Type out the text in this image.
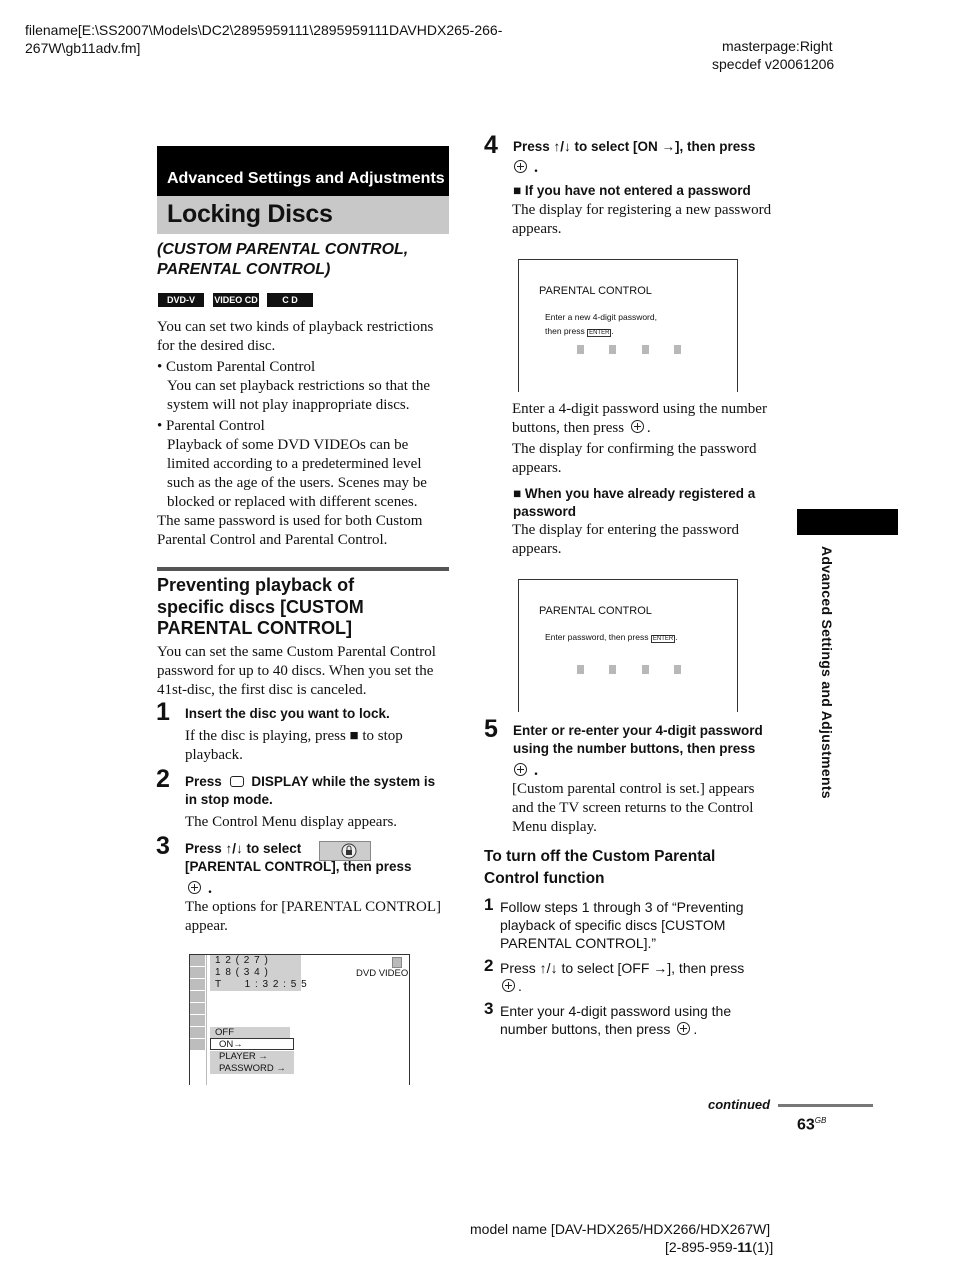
filename[E:\SS2007\Models\DC2\2895959111\2895959111DAVHDX265-266-
267W\gb11adv.fm]	masterpage:Right
specdef v20061206
Advanced Settings and Adjustments
Locking Discs
(CUSTOM PARENTAL CONTROL,
PARENTAL CONTROL)
DVD-V	VIDEO CD	C D
You can set two kinds of playback restrictions
for the desired disc.
• Custom Parental Control
You can set playback restrictions so that the
system will not play inappropriate discs.
• Parental Control
Playback of some DVD VIDEOs can be
limited according to a predetermined level
such as the age of the users. Scenes may be
blocked or replaced with different scenes.
The same password is used for both Custom
Parental Control and Parental Control.
Preventing playback of
specific discs [CUSTOM
PARENTAL CONTROL]
You can set the same Custom Parental Control
password for up to 40 discs. When you set the
41st-disc, the first disc is canceled.
1 Insert the disc you want to lock.
If the disc is playing, press ■ to stop
playback.
2 Press DISPLAY while the system is
in stop mode.
The Control Menu display appears.
3 Press ↑/↓ to select
[PARENTAL CONTROL], then press
.
The options for [PARENTAL CONTROL]
appear.
1 2 ( 2 7 )
1 8 ( 3 4 )
T      1 : 3 2 : 5 5
DVD VIDEO
OFF
ON→
PLAYER →
PASSWORD →
4 Press ↑/↓ to select [ON →], then press
.
■ If you have not entered a password
The display for registering a new password
appears.
PARENTAL CONTROL
Enter a new 4-digit password,
then press ENTER .
Enter a 4-digit password using the number
buttons, then press .
The display for confirming the password
appears.
■ When you have already registered a
password
The display for entering the password
appears.
PARENTAL CONTROL
Enter password, then press ENTER .
5 Enter or re-enter your 4-digit password
using the number buttons, then press
.
[Custom parental control is set.] appears
and the TV screen returns to the Control
Menu display.
To turn off the Custom Parental
Control function
1 Follow steps 1 through 3 of “Preventing
playback of specific discs [CUSTOM
PARENTAL CONTROL].”
2 Press ↑/↓ to select [OFF →], then press
.
3 Enter your 4-digit password using the
number buttons, then press .
Advanced Settings and Adjustments
continued
$63^{GB}$
model name [DAV-HDX265/HDX266/HDX267W]
[2-895-959-11(1)]
